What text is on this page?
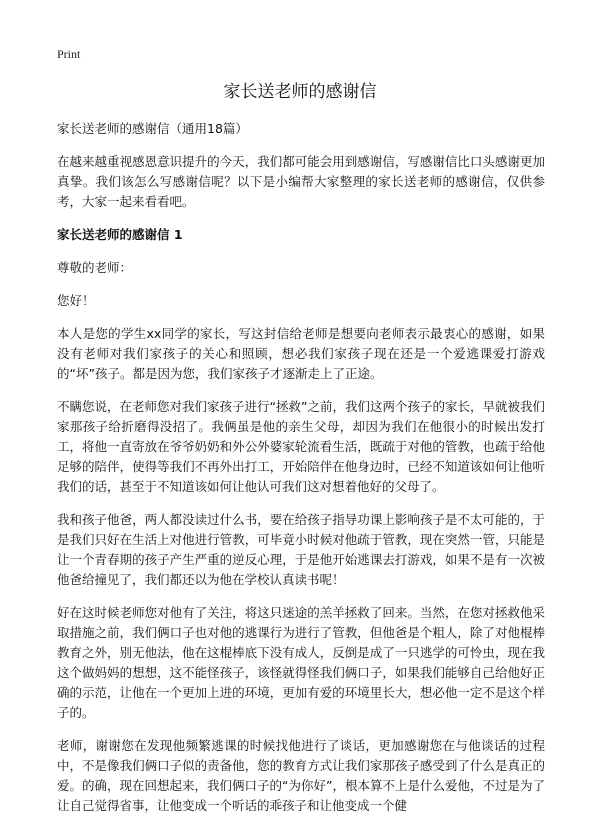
Print
家长送老师的感谢信

家长送老师的感谢信（通用18篇）

在越来越重视感恩意识提升的今天，我们都可能会用到感谢信，写感谢信比口头感谢更加真挚。我们该怎么写感谢信呢？以下是小编帮大家整理的家长送老师的感谢信，仅供参考，大家一起来看看吧。

家长送老师的感谢信 1

尊敬的老师：

您好！

本人是您的学生xx同学的家长，写这封信给老师是想要向老师表示最衷心的感谢，如果没有老师对我们家孩子的关心和照顾，想必我们家孩子现在还是一个爱逃课爱打游戏的“坏”孩子。都是因为您，我们家孩子才逐渐走上了正途。

不瞒您说，在老师您对我们家孩子进行“拯救”之前，我们这两个孩子的家长，早就被我们家那孩子给折磨得没招了。我俩虽是他的亲生父母，却因为我们在他很小的时候出发打工，将他一直寄放在爷爷奶奶和外公外婆家轮流看生活，既疏于对他的管教，也疏于给他足够的陪伴，使得等我们不再外出打工，开始陪伴在他身边时，已经不知道该如何让他听我们的话，甚至于不知道该如何让他认可我们这对想着他好的父母了。

我和孩子他爸，两人都没读过什么书，要在给孩子指导功课上影响孩子是不太可能的，于是我们只好在生活上对他进行管教，可毕竟小时候对他疏于管教，现在突然一管，只能是让一个青春期的孩子产生严重的逆反心理，于是他开始逃课去打游戏，如果不是有一次被他爸给撞见了，我们都还以为他在学校认真读书呢！

好在这时候老师您对他有了关注，将这只迷途的羔羊拯救了回来。当然，在您对拯救他采取措施之前，我们俩口子也对他的逃课行为进行了管教，但他爸是个粗人，除了对他棍棒教育之外，别无他法，他在这棍棒底下没有成人，反倒是成了一只逃学的可怜虫，现在我这个做妈妈的想想，这不能怪孩子，该怪就得怪我们俩口子，如果我们能够自己给他好正确的示范，让他在一个更加上进的环境，更加有爱的环境里长大，想必他一定不是这个样子的。

老师，谢谢您在发现他频繁逃课的时候找他进行了谈话，更加感谢您在与他谈话的过程中，不是像我们俩口子似的责备他，您的教育方式让我们家那孩子感受到了什么是真正的爱。的确，现在回想起来，我们俩口子的“为你好”，根本算不上是什么爱他，不过是为了让自己觉得省事，让他变成一个听话的乖孩子和让他变成一个健
